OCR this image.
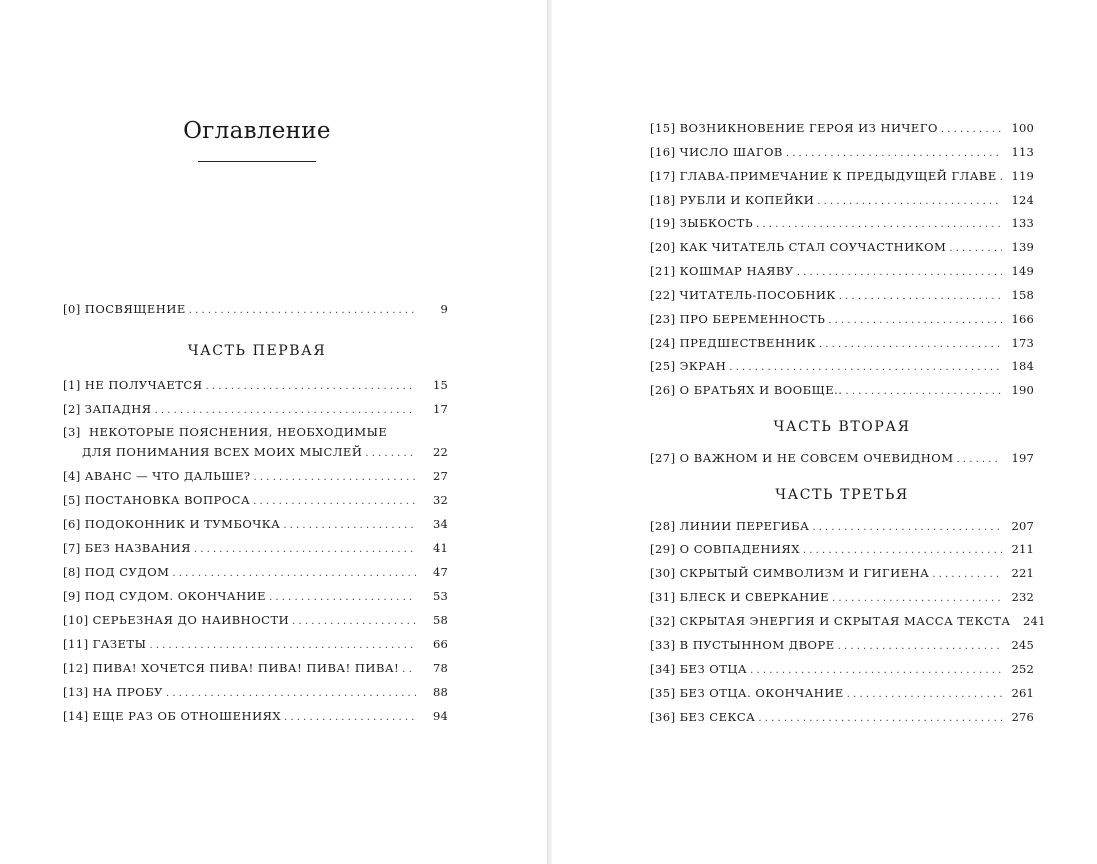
Оглавление
[0] ПОСВЯЩЕНИЕ . . .	9
ЧАСТЬ ПЕРВАЯ
[1] НЕ ПОЛУЧАЕТСЯ . . .	15
[2] ЗАПАДНЯ . . .	17
[3] НЕКОТОРЫЕ ПОЯСНЕНИЯ, НЕОБХОДИМЫЕ
ДЛЯ ПОНИМАНИЯ ВСЕХ МОИХ МЫСЛЕЙ . . .	22
[4] АВАНС — ЧТО ДАЛЬШЕ? . . .	27
[5] ПОСТАНОВКА ВОПРОСА . . .	32
[6] ПОДОКОННИК И ТУМБОЧКА . . .	34
[7] БЕЗ НАЗВАНИЯ . . .	41
[8] ПОД СУДОМ . . .	47
[9] ПОД СУДОМ. ОКОНЧАНИЕ . . .	53
[10] СЕРЬЕЗНАЯ ДО НАИВНОСТИ . . .	58
[11] ГАЗЕТЫ . . .	66
[12] ПИВА! ХОЧЕТСЯ ПИВА! ПИВА! ПИВА! ПИВА! . . .	78
[13] НА ПРОБУ . . .	88
[14] ЕЩЕ РАЗ ОБ ОТНОШЕНИЯХ . . .	94
[15] ВОЗНИКНОВЕНИЕ ГЕРОЯ ИЗ НИЧЕГО . . .	100
[16] ЧИСЛО ШАГОВ . . .	113
[17] ГЛАВА-ПРИМЕЧАНИЕ К ПРЕДЫДУЩЕЙ ГЛАВЕ . . .	119
[18] РУБЛИ И КОПЕЙКИ . . .	124
[19] ЗЫБКОСТЬ . . .	133
[20] КАК ЧИТАТЕЛЬ СТАЛ СОУЧАСТНИКОМ . . .	139
[21] КОШМАР НАЯВУ . . .	149
[22] ЧИТАТЕЛЬ-ПОСОБНИК . . .	158
[23] ПРО БЕРЕМЕННОСТЬ . . .	166
[24] ПРЕДШЕСТВЕННИК . . .	173
[25] ЭКРАН . . .	184
[26] О БРАТЬЯХ И ВООБЩЕ.. . . .	190
ЧАСТЬ ВТОРАЯ
[27] О ВАЖНОМ И НЕ СОВСЕМ ОЧЕВИДНОМ . . .	197
ЧАСТЬ ТРЕТЬЯ
[28] ЛИНИИ ПЕРЕГИБА . . .	207
[29] О СОВПАДЕНИЯХ . . .	211
[30] СКРЫТЫЙ СИМВОЛИЗМ И ГИГИЕНА . . .	221
[31] БЛЕСК И СВЕРКАНИЕ . . .	232
[32] СКРЫТАЯ ЭНЕРГИЯ И СКРЫТАЯ МАССА ТЕКСТА	241
[33] В ПУСТЫННОМ ДВОРЕ . . .	245
[34] БЕЗ ОТЦА . . .	252
[35] БЕЗ ОТЦА. ОКОНЧАНИЕ . . .	261
[36] БЕЗ СЕКСА . . .	276
